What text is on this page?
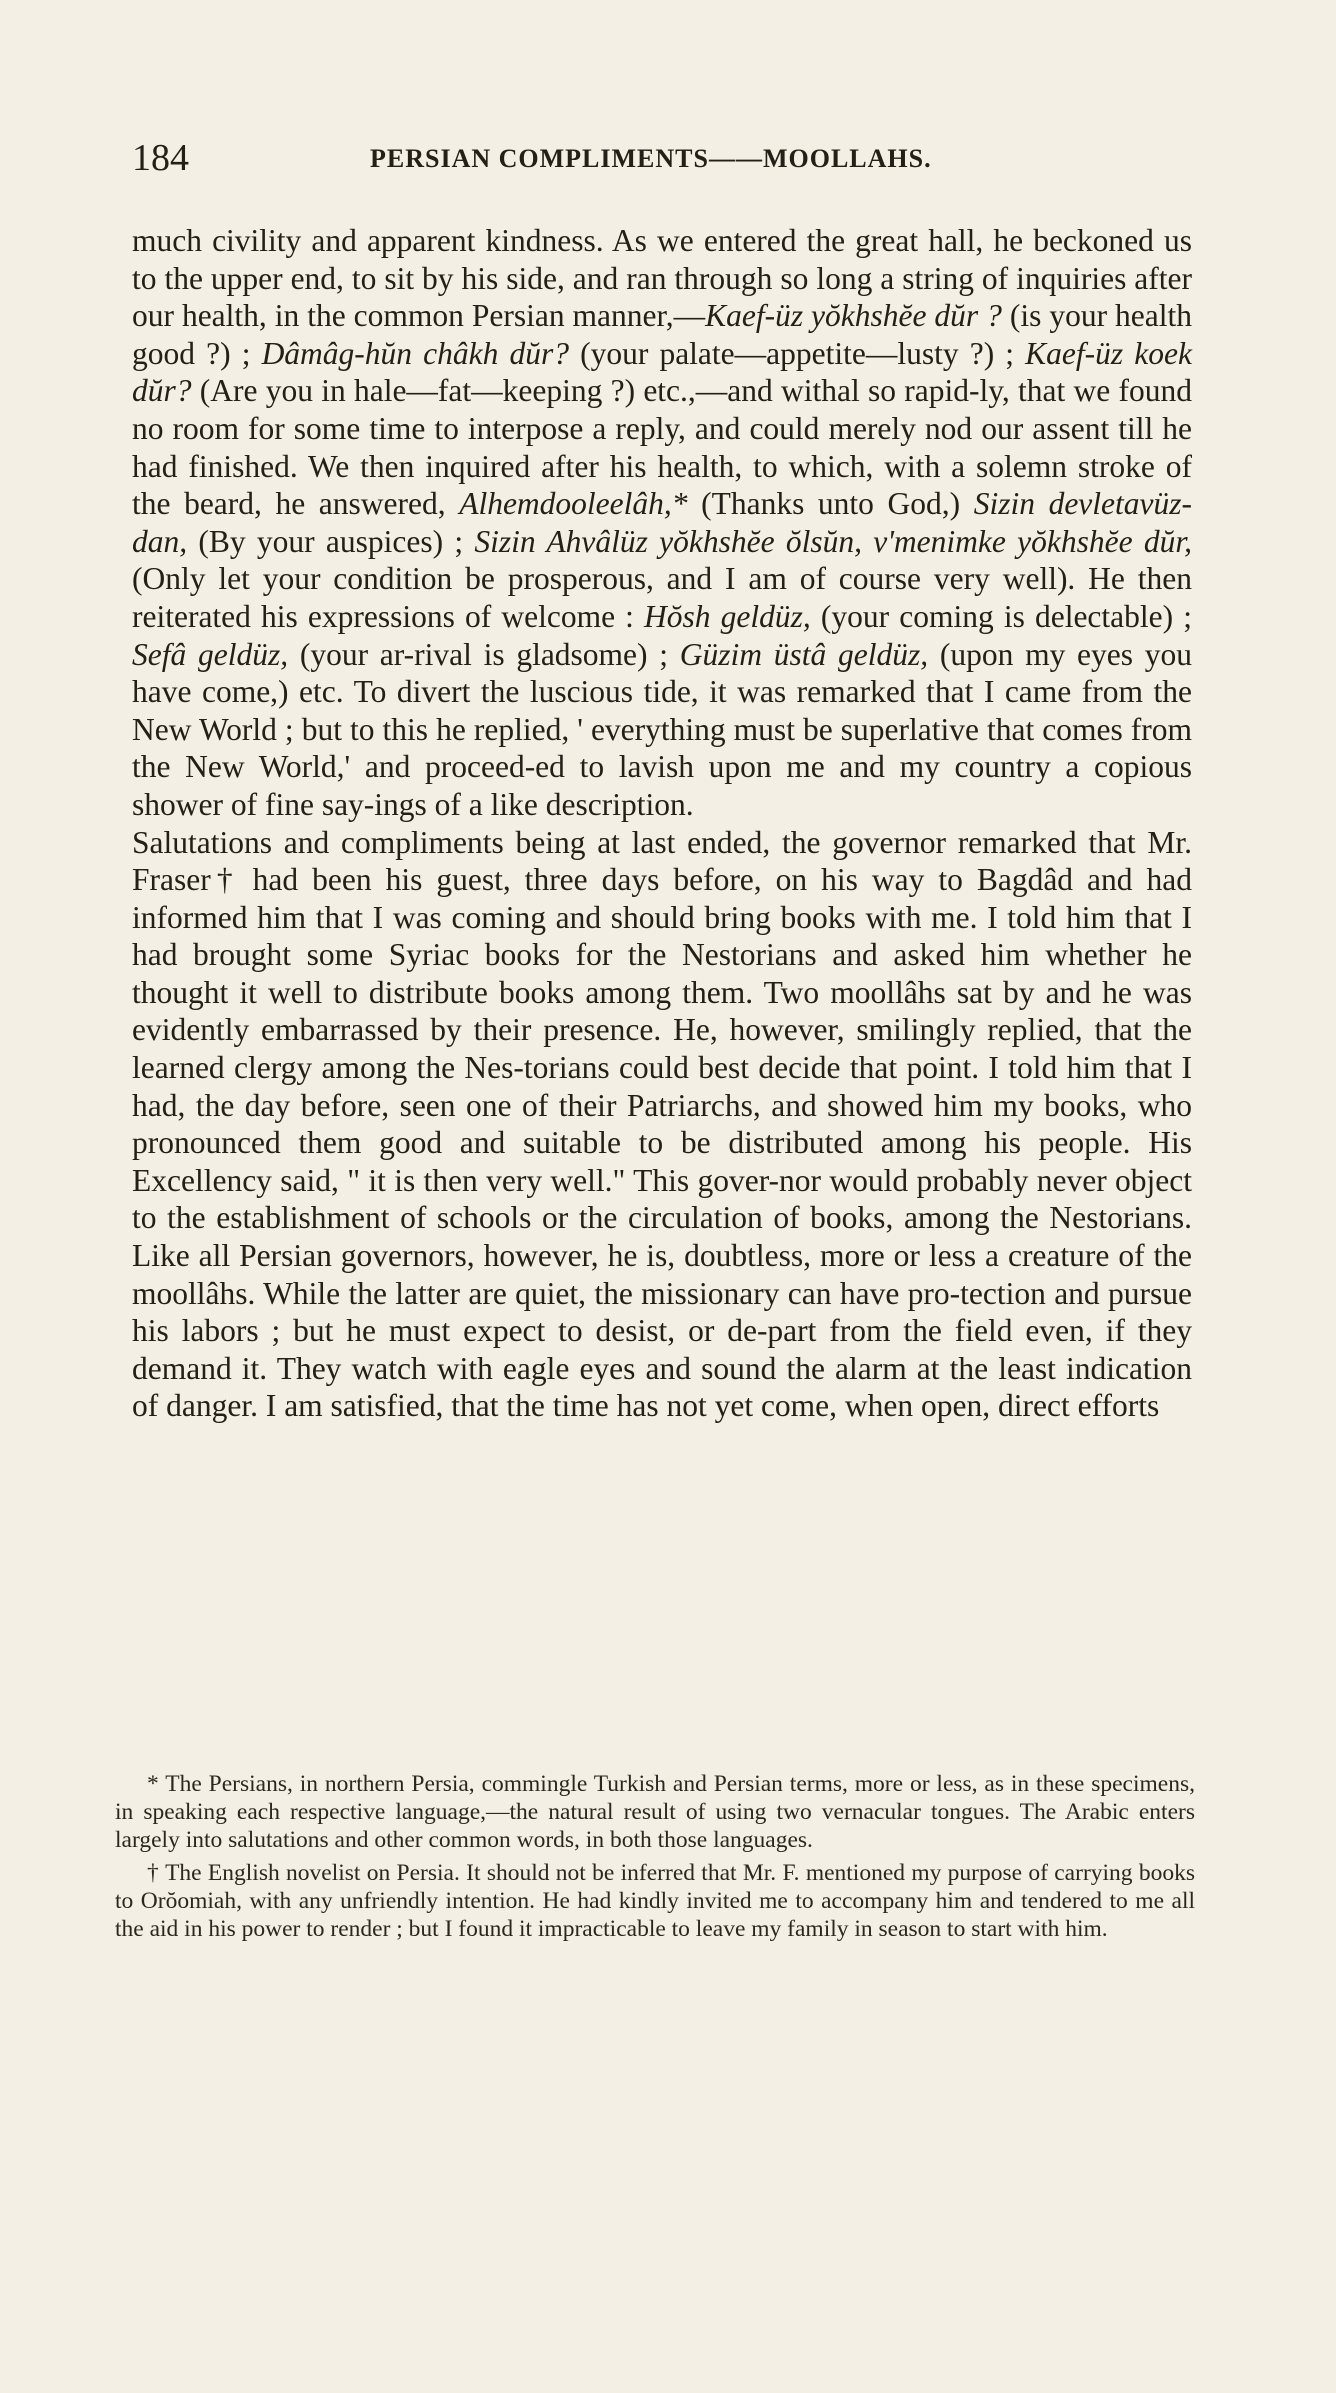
184	PERSIAN COMPLIMENTS——MOOLLAHS.

much civility and apparent kindness. As we entered the great hall, he beckoned us to the upper end, to sit by his side, and ran through so long a string of inquiries after our health, in the common Persian manner,—Kaef-üz yŏkhshĕe dŭr ? (is your health good ?) ; Dâmâg-hŭn châkh dŭr? (your palate—appetite—lusty ?) ; Kaef-üz koek dŭr? (Are you in hale—fat—keeping ?) etc.,—and withal so rapid-ly, that we found no room for some time to interpose a reply, and could merely nod our assent till he had finished. We then inquired after his health, to which, with a solemn stroke of the beard, he answered, Alhemdooleelâh,* (Thanks unto God,) Sizin devletavüz-dan, (By your auspices) ; Sizin Ahvâlüz yŏkhshĕe ŏlsŭn, v'menimke yŏkhshĕe dŭr, (Only let your condition be prosperous, and I am of course very well). He then reiterated his expressions of welcome : Hŏsh geldüz, (your coming is delectable) ; Sefâ geldüz, (your ar-rival is gladsome) ; Güzim üstâ geldüz, (upon my eyes you have come,) etc. To divert the luscious tide, it was remarked that I came from the New World ; but to this he replied, ' everything must be superlative that comes from the New World,' and proceed-ed to lavish upon me and my country a copious shower of fine say-ings of a like description.

Salutations and compliments being at last ended, the governor remarked that Mr. Fraser† had been his guest, three days before, on his way to Bagdâd and had informed him that I was coming and should bring books with me. I told him that I had brought some Syriac books for the Nestorians and asked him whether he thought it well to distribute books among them. Two moollâhs sat by and he was evidently embarrassed by their presence. He, however, smilingly replied, that the learned clergy among the Nes-torians could best decide that point. I told him that I had, the day before, seen one of their Patriarchs, and showed him my books, who pronounced them good and suitable to be distributed among his people. His Excellency said, " it is then very well." This gover-nor would probably never object to the establishment of schools or the circulation of books, among the Nestorians. Like all Persian governors, however, he is, doubtless, more or less a creature of the moollâhs. While the latter are quiet, the missionary can have pro-tection and pursue his labors ; but he must expect to desist, or de-part from the field even, if they demand it. They watch with eagle eyes and sound the alarm at the least indication of danger. I am satisfied, that the time has not yet come, when open, direct efforts

* The Persians, in northern Persia, commingle Turkish and Persian terms, more or less, as in these specimens, in speaking each respective language,—the natural result of using two vernacular tongues. The Arabic enters largely into salutations and other common words, in both those languages.

† The English novelist on Persia. It should not be inferred that Mr. F. mentioned my purpose of carrying books to Orŏomiah, with any unfriendly intention. He had kindly invited me to accompany him and tendered to me all the aid in his power to render ; but I found it impracticable to leave my family in season to start with him.
